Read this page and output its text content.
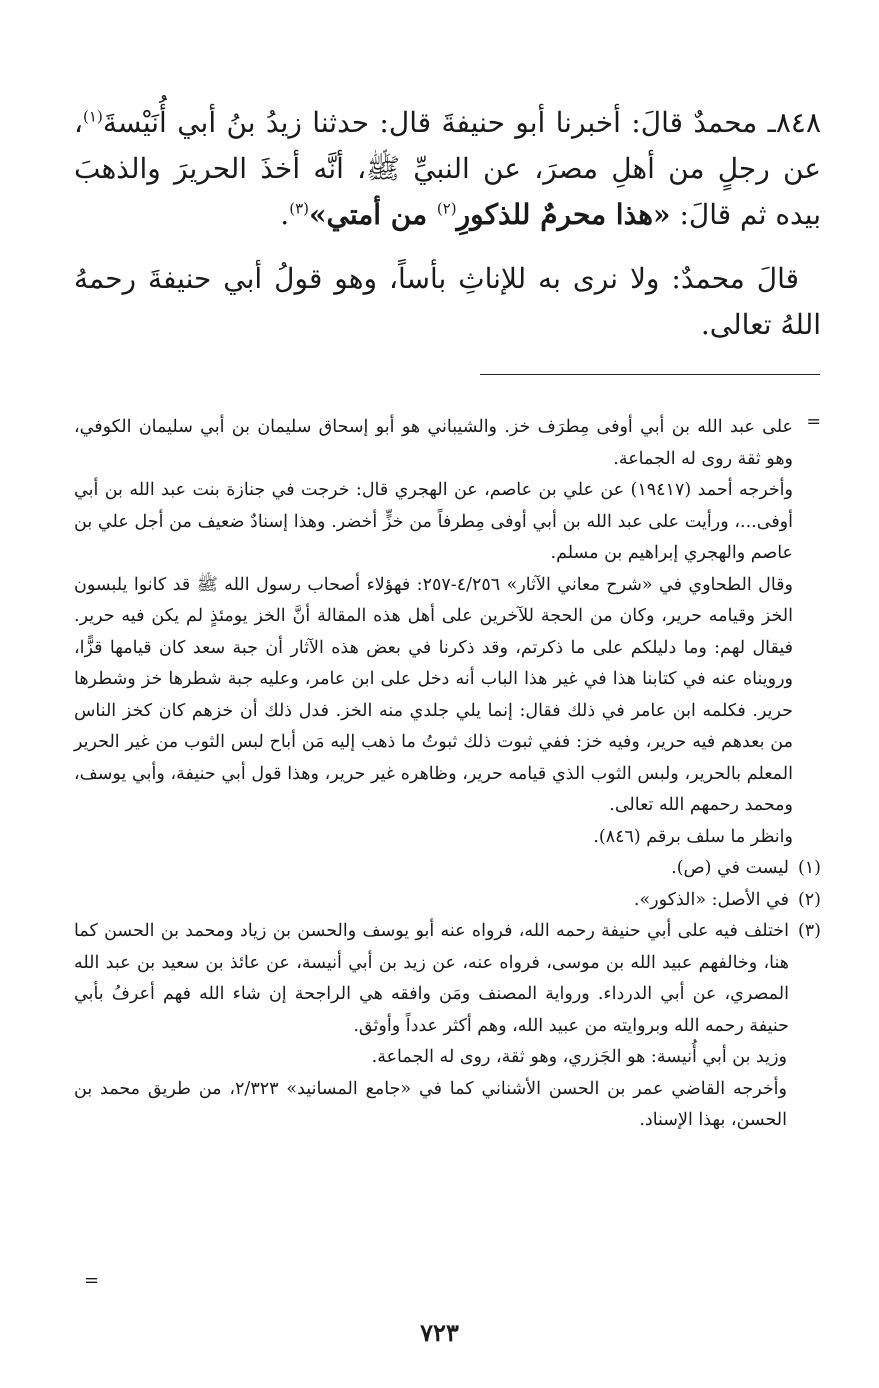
٨٤٨ـ محمدٌ قالَ: أخبرنا أبو حنيفةَ قال: حدثنا زيدُ بنُ أبي أُنَيْسةَ$^{(١)}$، عن رجلٍ من أهلِ مصرَ، عن النبيِّ ﷺ، أنَّه أخذَ الحريرَ والذهبَ بيده ثم قالَ: «هذا محرمٌ للذكورِ$^{(٢)}$ من أمتي»$^{(٣)}$.

قالَ محمدٌ: ولا نرى به للإناثِ بأساً، وهو قولُ أبي حنيفةَ رحمهُ اللهُ تعالى.

=
على عبد الله بن أبي أوفى مِطرَف خز. والشيباني هو أبو إسحاق سليمان بن أبي سليمان الكوفي، وهو ثقة روى له الجماعة.
وأخرجه أحمد (١٩٤١٧) عن علي بن عاصم، عن الهجري قال: خرجت في جنازة بنت عبد الله بن أبي أوفى...، ورأيت على عبد الله بن أبي أوفى مِطرفاً من خزٍّ أخضر. وهذا إسنادٌ ضعيف من أجل علي بن عاصم والهجري إبراهيم بن مسلم.
وقال الطحاوي في «شرح معاني الآثار» ٤/٢٥٦-٢٥٧: فهؤلاء أصحاب رسول الله ﷺ قد كانوا يلبسون الخز وقيامه حرير، وكان من الحجة للآخرين على أهل هذه المقالة أنَّ الخز يومئذٍ لم يكن فيه حرير. فيقال لهم: وما دليلكم على ما ذكرتم، وقد ذكرنا في بعض هذه الآثار أن جبة سعد كان قيامها قزًّا، ورويناه عنه في كتابنا هذا في غير هذا الباب أنه دخل على ابن عامر، وعليه جبة شطرها خز وشطرها حرير. فكلمه ابن عامر في ذلك فقال: إنما يلي جلدي منه الخز. فدل ذلك أن خزهم كان كخز الناس من بعدهم فيه حرير، وفيه خز: ففي ثبوت ذلك ثبوتُ ما ذهب إليه مَن أباح لبس الثوب من غير الحرير المعلم بالحرير، ولبس الثوب الذي قيامه حرير، وظاهره غير حرير، وهذا قول أبي حنيفة، وأبي يوسف، ومحمد رحمهم الله تعالى.
وانظر ما سلف برقم (٨٤٦).
(١)
ليست في (ص).
(٢)
في الأصل: «الذكور».
(٣)
اختلف فيه على أبي حنيفة رحمه الله، فرواه عنه أبو يوسف والحسن بن زياد ومحمد بن الحسن كما هنا، وخالفهم عبيد الله بن موسى، فرواه عنه، عن زيد بن أبي أنيسة، عن عائذ بن سعيد بن عبد الله المصري، عن أبي الدرداء. ورواية المصنف ومَن وافقه هي الراجحة إن شاء الله فهم أعرفُ بأبي حنيفة رحمه الله وبروايته من عبيد الله، وهم أكثر عدداً وأوثق.
وزيد بن أبي أُنيسة: هو الجَزري، وهو ثقة، روى له الجماعة.
وأخرجه القاضي عمر بن الحسن الأشناني كما في «جامع المسانيد» ٢/٣٢٣، من طريق محمد بن الحسن، بهذا الإسناد.
=
٧٢٣
